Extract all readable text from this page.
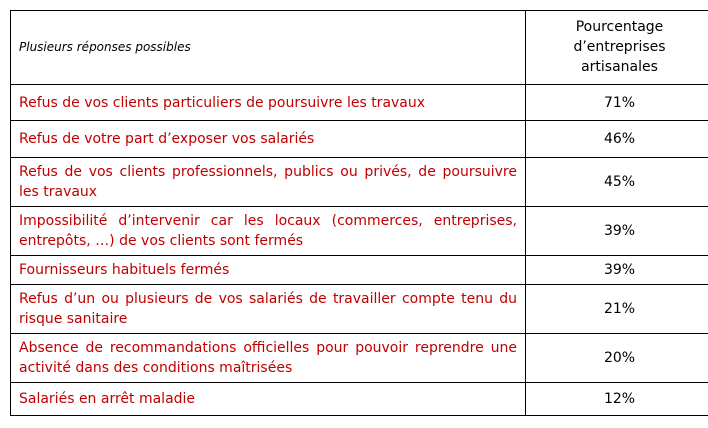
Plusieurs réponses possibles	Pourcentage
d’entreprises
artisanales

Refus de vos clients particuliers de poursuivre les travaux	71%
Refus de votre part d’exposer vos salariés	46%
Refus de vos clients professionnels, publics ou privés, de poursuivre les travaux	45%
Impossibilité d’intervenir car les locaux (commerces, entreprises, entrepôts, …) de vos clients sont fermés	39%
Fournisseurs habituels fermés	39%
Refus d’un ou plusieurs de vos salariés de travailler compte tenu du risque sanitaire	21%
Absence de recommandations officielles pour pouvoir reprendre une activité dans des conditions maîtrisées	20%
Salariés en arrêt maladie	12%
